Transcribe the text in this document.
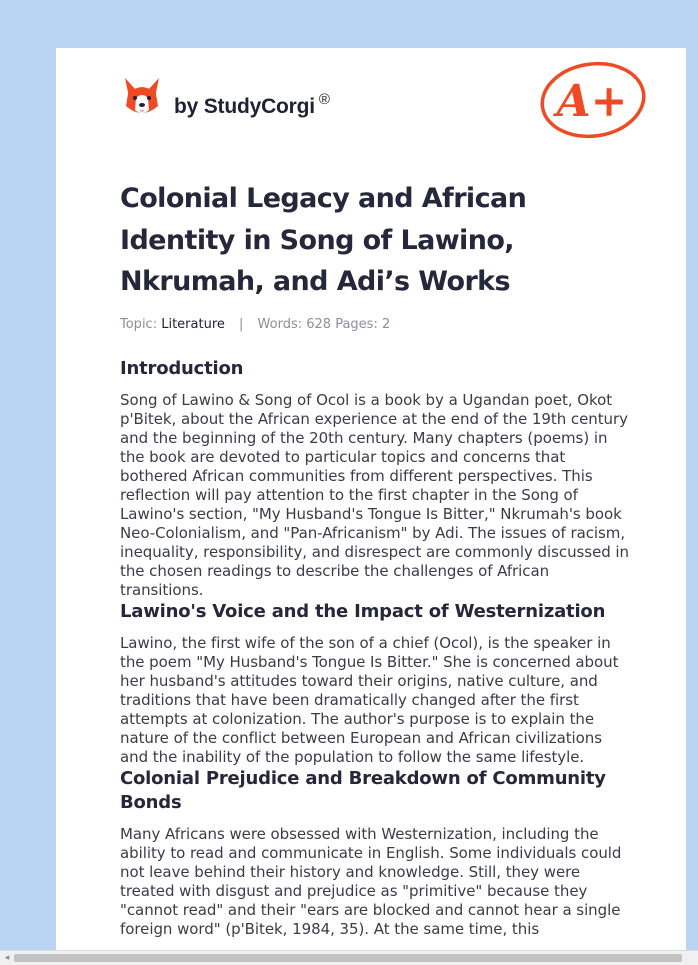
by StudyCorgi ®	A+
Colonial Legacy and African Identity in Song of Lawino, Nkrumah, and Adi’s Works
Topic: Literature | Words: 628 Pages: 2
Introduction

Song of Lawino & Song of Ocol is a book by a Ugandan poet, Okot p'Bitek, about the African experience at the end of the 19th century and the beginning of the 20th century. Many chapters (poems) in the book are devoted to particular topics and concerns that bothered African communities from different perspectives. This reflection will pay attention to the first chapter in the Song of Lawino's section, "My Husband's Tongue Is Bitter," Nkrumah's book Neo-Colonialism, and "Pan-Africanism" by Adi. The issues of racism, inequality, responsibility, and disrespect are commonly discussed in the chosen readings to describe the challenges of African transitions.

Lawino's Voice and the Impact of Westernization

Lawino, the first wife of the son of a chief (Ocol), is the speaker in the poem "My Husband's Tongue Is Bitter." She is concerned about her husband's attitudes toward their origins, native culture, and traditions that have been dramatically changed after the first attempts at colonization. The author's purpose is to explain the nature of the conflict between European and African civilizations and the inability of the population to follow the same lifestyle.

Colonial Prejudice and Breakdown of Community Bonds

Many Africans were obsessed with Westernization, including the ability to read and communicate in English. Some individuals could not leave behind their history and knowledge. Still, they were treated with disgust and prejudice as "primitive" because they "cannot read" and their "ears are blocked and cannot hear a single foreign word" (p'Bitek, 1984, 35). At the same time, this

◂
